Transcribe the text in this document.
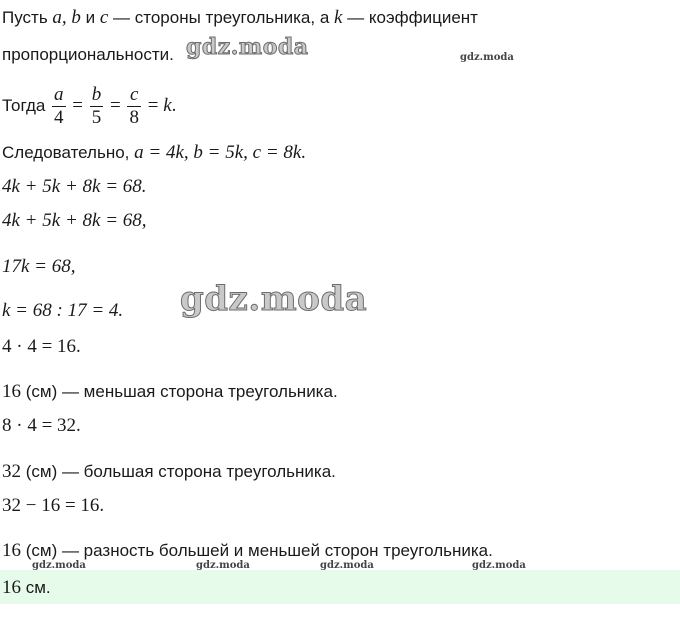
Пусть a, b и c — стороны треугольника, а k — коэффициент
пропорциональности.
Тогда $\frac{a}{4} = \frac{b}{5} = \frac{c}{8} = k$.
Следовательно, a = 4k, b = 5k, c = 8k.
4k + 5k + 8k = 68.
4k + 5k + 8k = 68,
17k = 68,
k = 68 : 17 = 4.
4 · 4 = 16.
16 (см) — меньшая сторона треугольника.
8 · 4 = 32.
32 (см) — большая сторона треугольника.
32 − 16 = 16.
16 (см) — разность большей и меньшей сторон треугольника.
16 см.
gdz.moda
gdz.moda
gdz.moda
gdz.moda	gdz.moda	gdz.moda	gdz.moda
